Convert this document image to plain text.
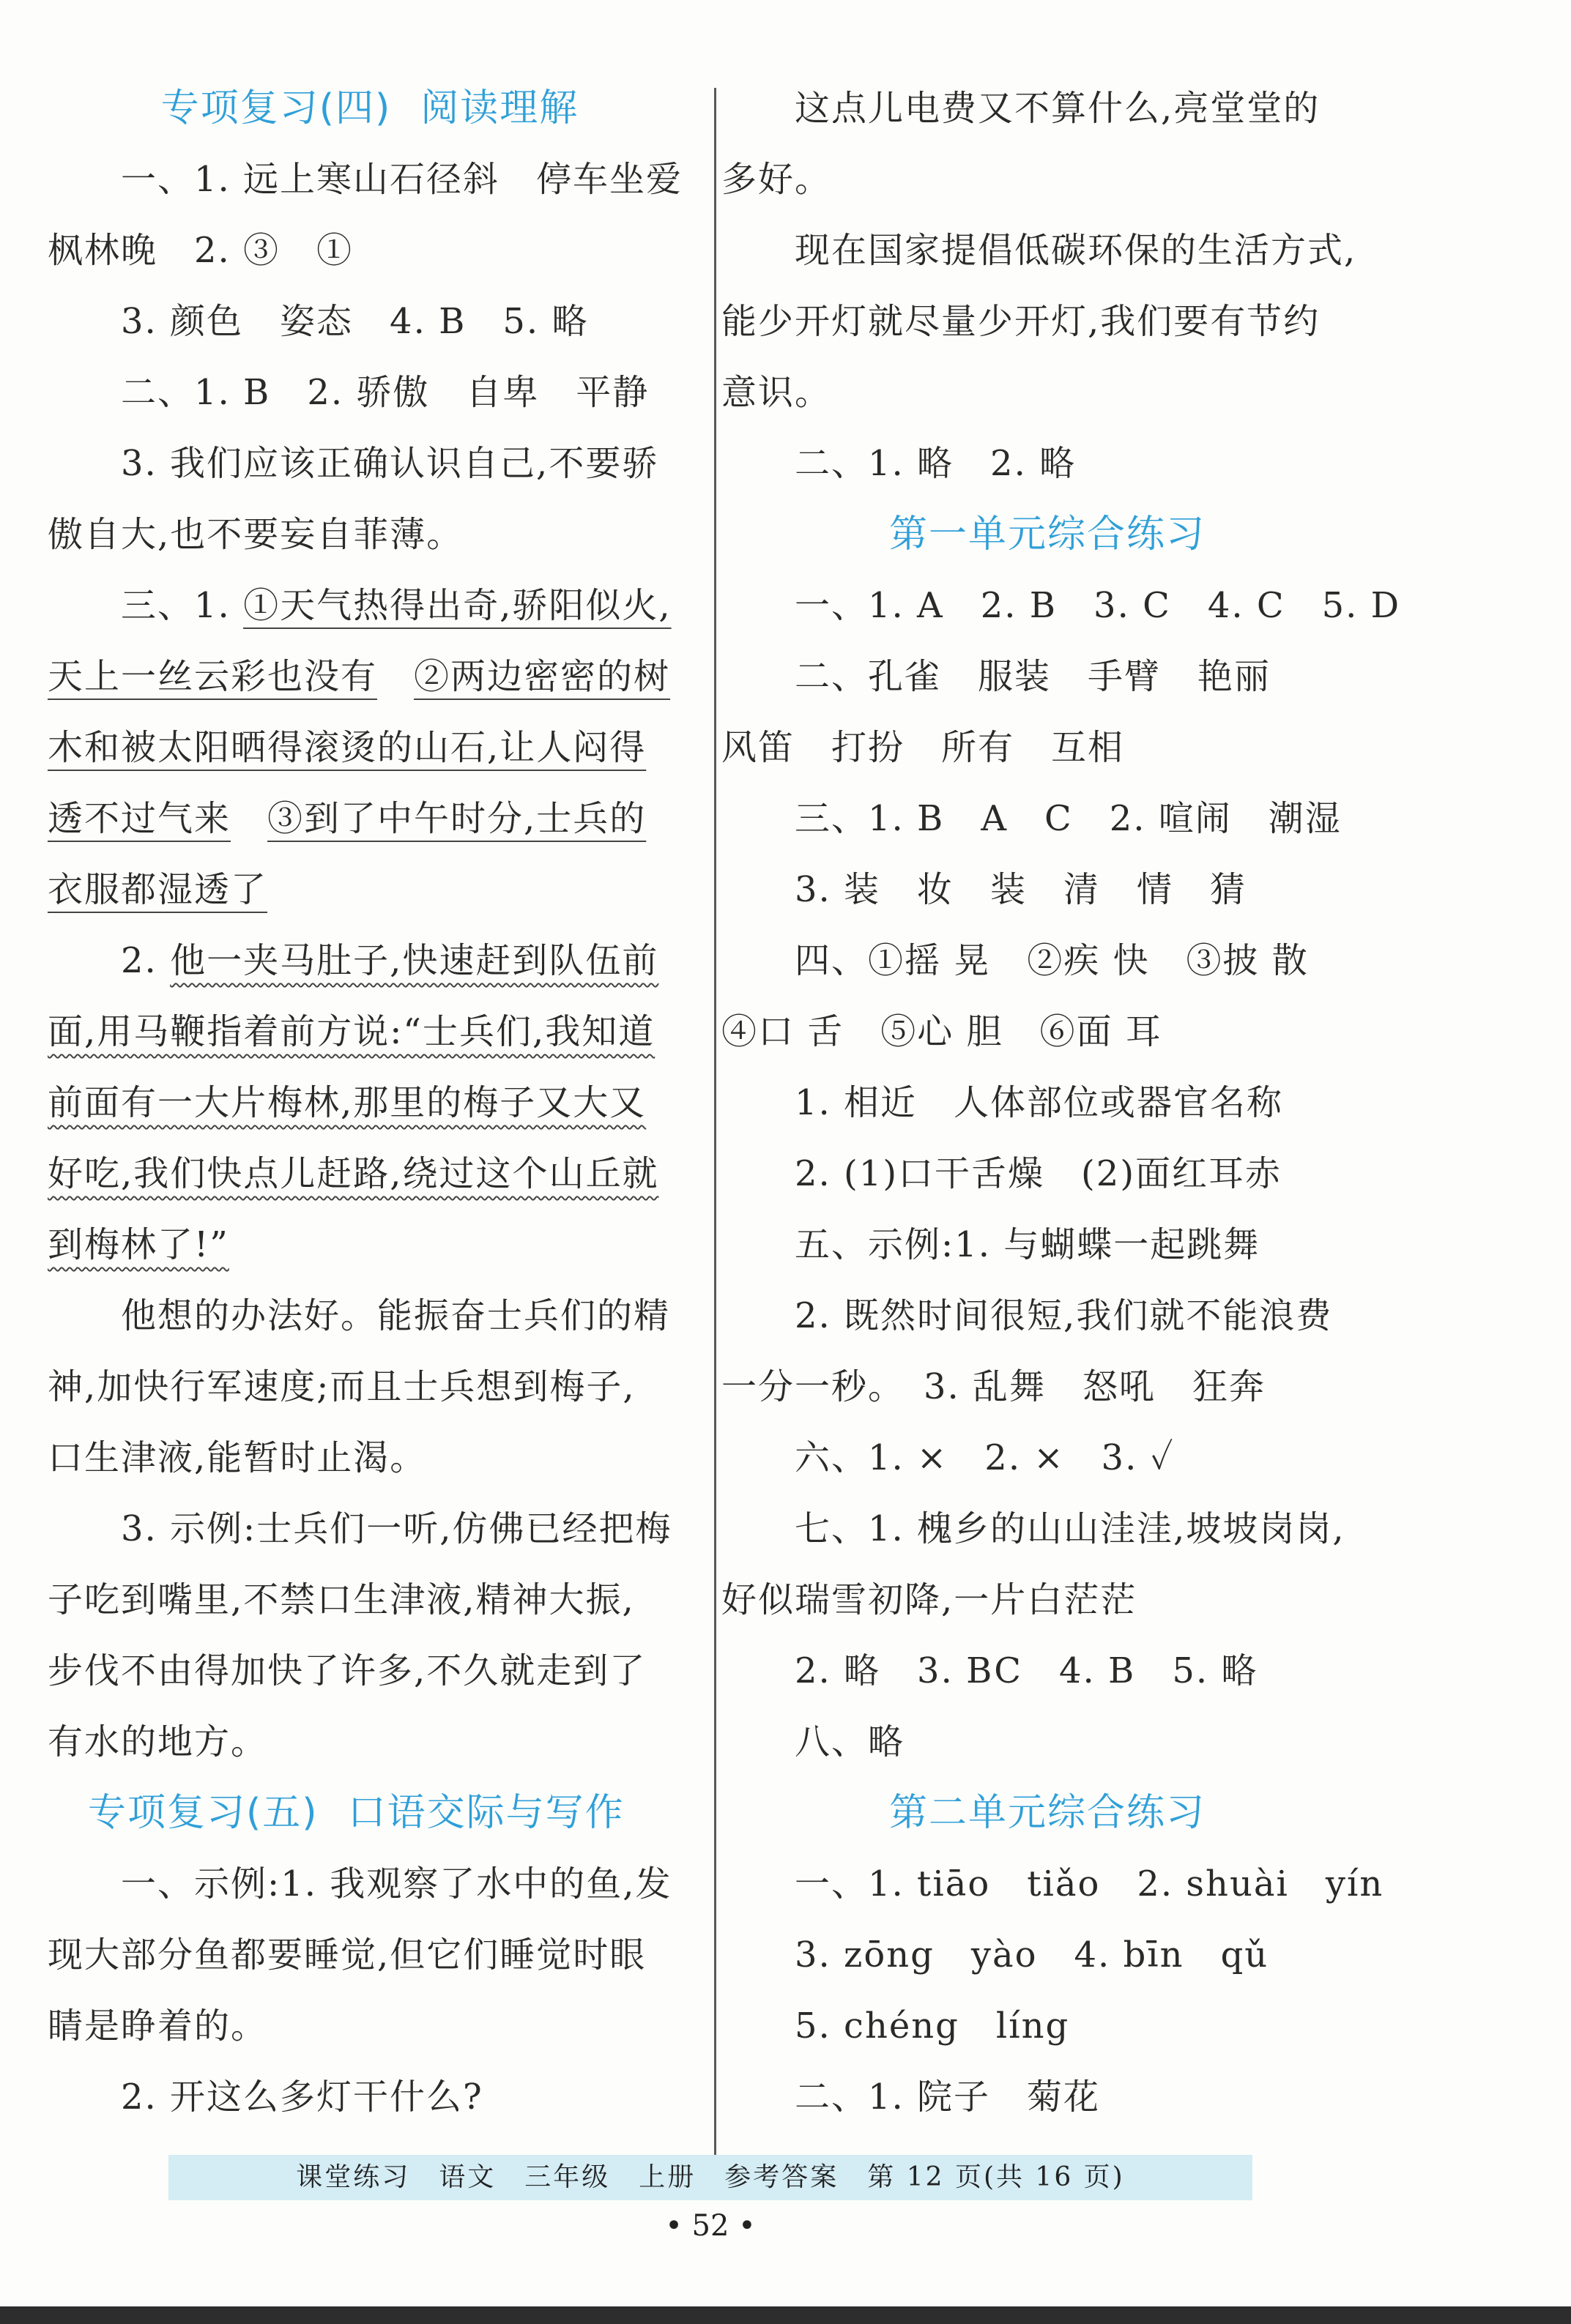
专项复习(四) 阅读理解
一、1. 远上寒山石径斜　停车坐爱
枫林晚　2. ③　①
3. 颜色　姿态　4. B　5. 略
二、1. B　2. 骄傲　自卑　平静
3. 我们应该正确认识自己,不要骄
傲自大,也不要妄自菲薄。
三、1. ①天气热得出奇,骄阳似火,
天上一丝云彩也没有　 ②两边密密的树
木和被太阳晒得滚烫的山石,让人闷得
透不过气来　 ③到了中午时分,士兵的
衣服都湿透了
2. 他一夹马肚子,快速赶到队伍前
面,用马鞭指着前方说:“士兵们,我知道
前面有一大片梅林,那里的梅子又大又
好吃,我们快点儿赶路,绕过这个山丘就
到梅林了!”
他想的办法好。能振奋士兵们的精
神,加快行军速度;而且士兵想到梅子,
口生津液,能暂时止渴。
3. 示例:士兵们一听,仿佛已经把梅
子吃到嘴里,不禁口生津液,精神大振,
步伐不由得加快了许多,不久就走到了
有水的地方。
专项复习(五) 口语交际与写作
一、示例:1. 我观察了水中的鱼,发
现大部分鱼都要睡觉,但它们睡觉时眼
睛是睁着的。
2. 开这么多灯干什么?
这点儿电费又不算什么,亮堂堂的
多好。
现在国家提倡低碳环保的生活方式,
能少开灯就尽量少开灯,我们要有节约
意识。
二、1. 略　2. 略
第一单元综合练习
一、1. A　2. B　3. C　4. C　5. D
二、孔雀　服装　手臂　艳丽
风笛　打扮　所有　互相
三、1. B　A　C　2. 喧闹　潮湿
3. 装　妆　装　清　情　猜
四、①摇 晃　②疾 快　③披 散
④口 舌　⑤心 胆　⑥面 耳
1. 相近　人体部位或器官名称
2. (1)口干舌燥　(2)面红耳赤
五、示例:1. 与蝴蝶一起跳舞
2. 既然时间很短,我们就不能浪费
一分一秒。　3. 乱舞　怒吼　狂奔
六、1. ×　2. ×　3. ✓
七、1. 槐乡的山山洼洼,坡坡岗岗,
好似瑞雪初降,一片白茫茫
2. 略　3. BC　4. B　5. 略
八、略
第二单元综合练习
一、1. tiāo　tiǎo　2. shuài　yín
3. zōng　yào　4. bīn　qǔ
5. chéng　líng
二、1. 院子　菊花
课堂练习　语文　三年级　上册　参考答案　第 12 页(共 16 页)
• 52 •
